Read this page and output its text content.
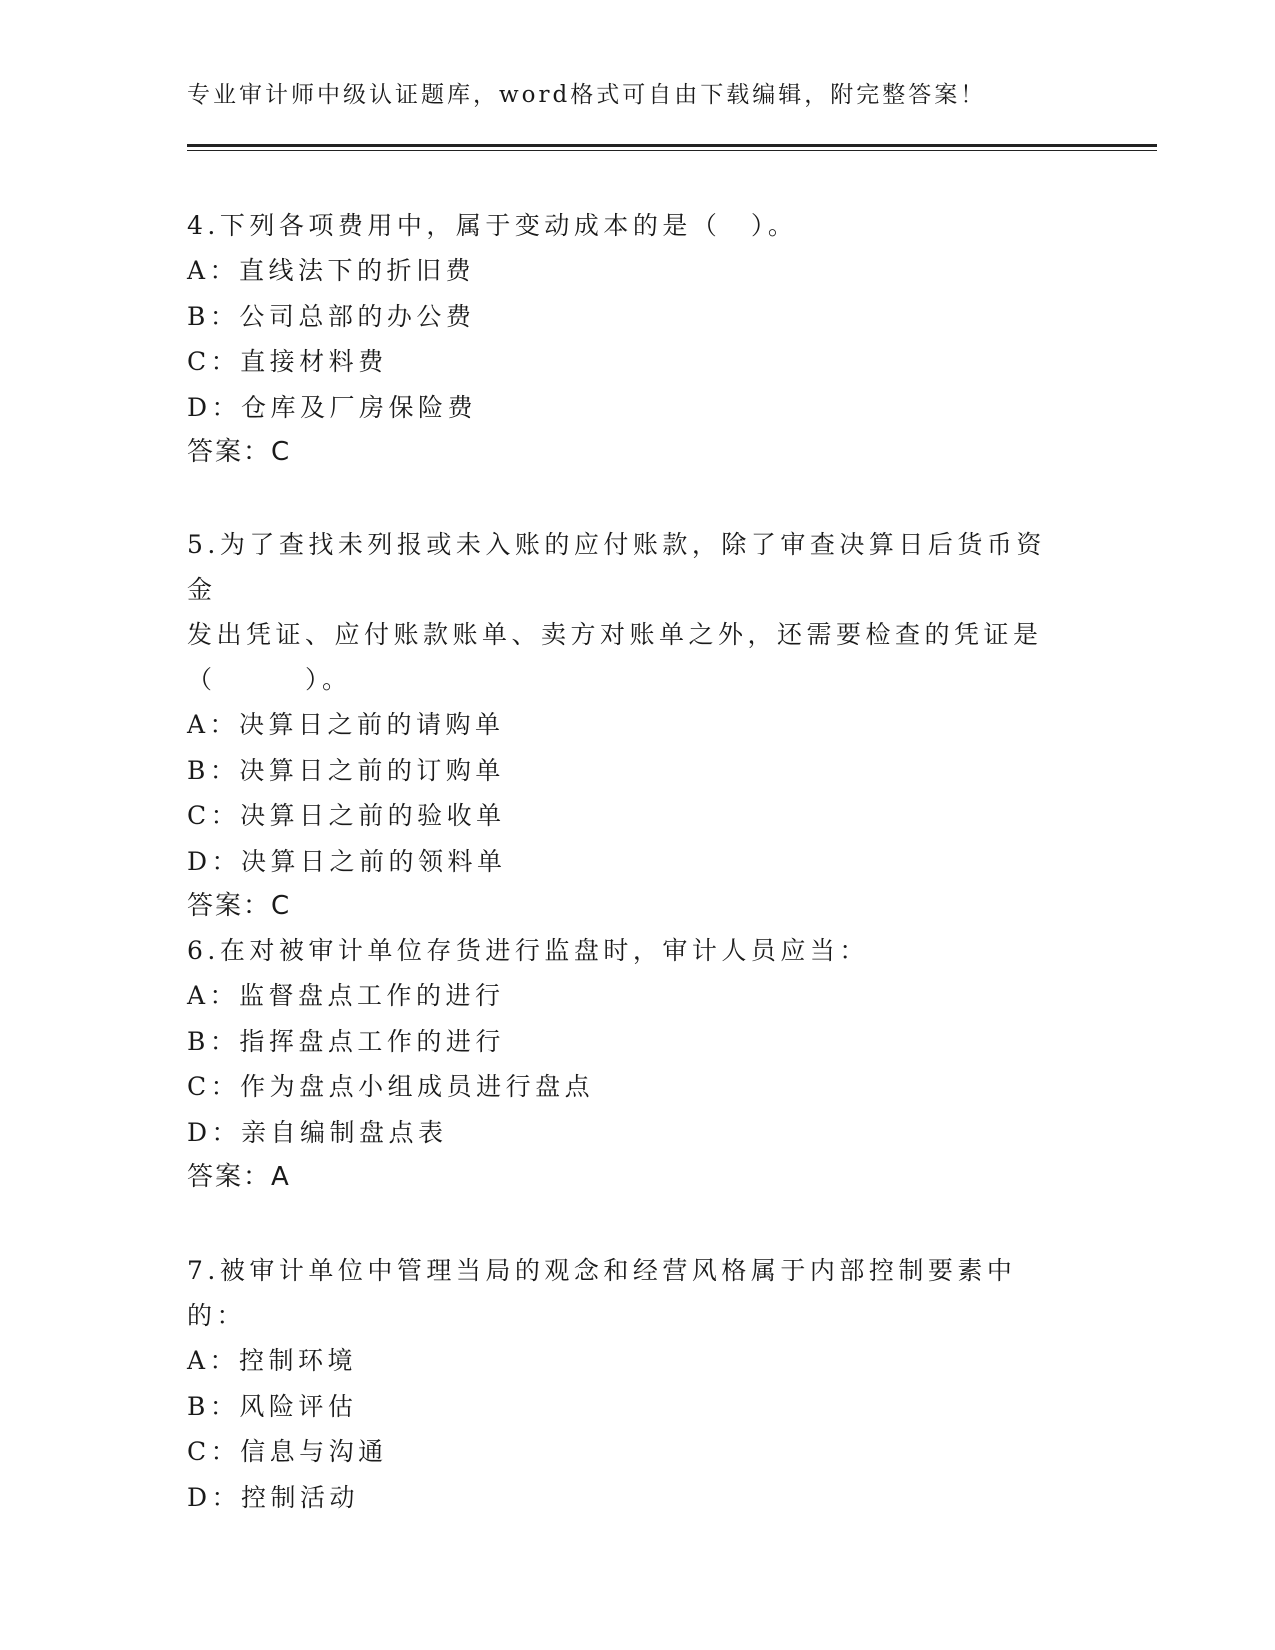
专业审计师中级认证题库，word格式可自由下载编辑，附完整答案！

4.下列各项费用中，属于变动成本的是（　）。

A：直线法下的折旧费

B：公司总部的办公费

C：直接材料费

D：仓库及厂房保险费

答案：C

5.为了查找未列报或未入账的应付账款，除了审查决算日后货币资金

发出凭证、应付账款账单、卖方对账单之外，还需要检查的凭证是

（　　　）。

A：决算日之前的请购单

B：决算日之前的订购单

C：决算日之前的验收单

D：决算日之前的领料单

答案：C

6.在对被审计单位存货进行监盘时，审计人员应当：

A：监督盘点工作的进行

B：指挥盘点工作的进行

C：作为盘点小组成员进行盘点

D：亲自编制盘点表

答案：A

7.被审计单位中管理当局的观念和经营风格属于内部控制要素中的：

A：控制环境

B：风险评估

C：信息与沟通

D：控制活动
